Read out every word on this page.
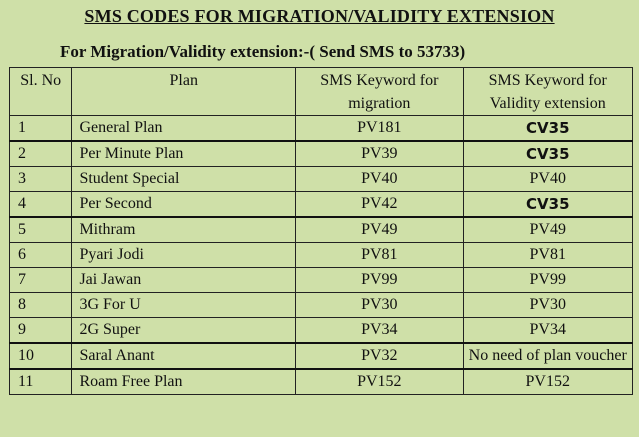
SMS CODES FOR MIGRATION/VALIDITY EXTENSION
For Migration/Validity extension:-( Send SMS to 53733)
Sl. No	Plan	SMS Keyword for migration	SMS Keyword for Validity extension
1	General Plan	PV181	CV35
2	Per Minute Plan	PV39	CV35
3	Student Special	PV40	PV40
4	Per Second	PV42	CV35
5	Mithram	PV49	PV49
6	Pyari Jodi	PV81	PV81
7	Jai Jawan	PV99	PV99
8	3G For U	PV30	PV30
9	2G Super	PV34	PV34
10	Saral Anant	PV32	No need of plan voucher
11	Roam Free Plan	PV152	PV152
